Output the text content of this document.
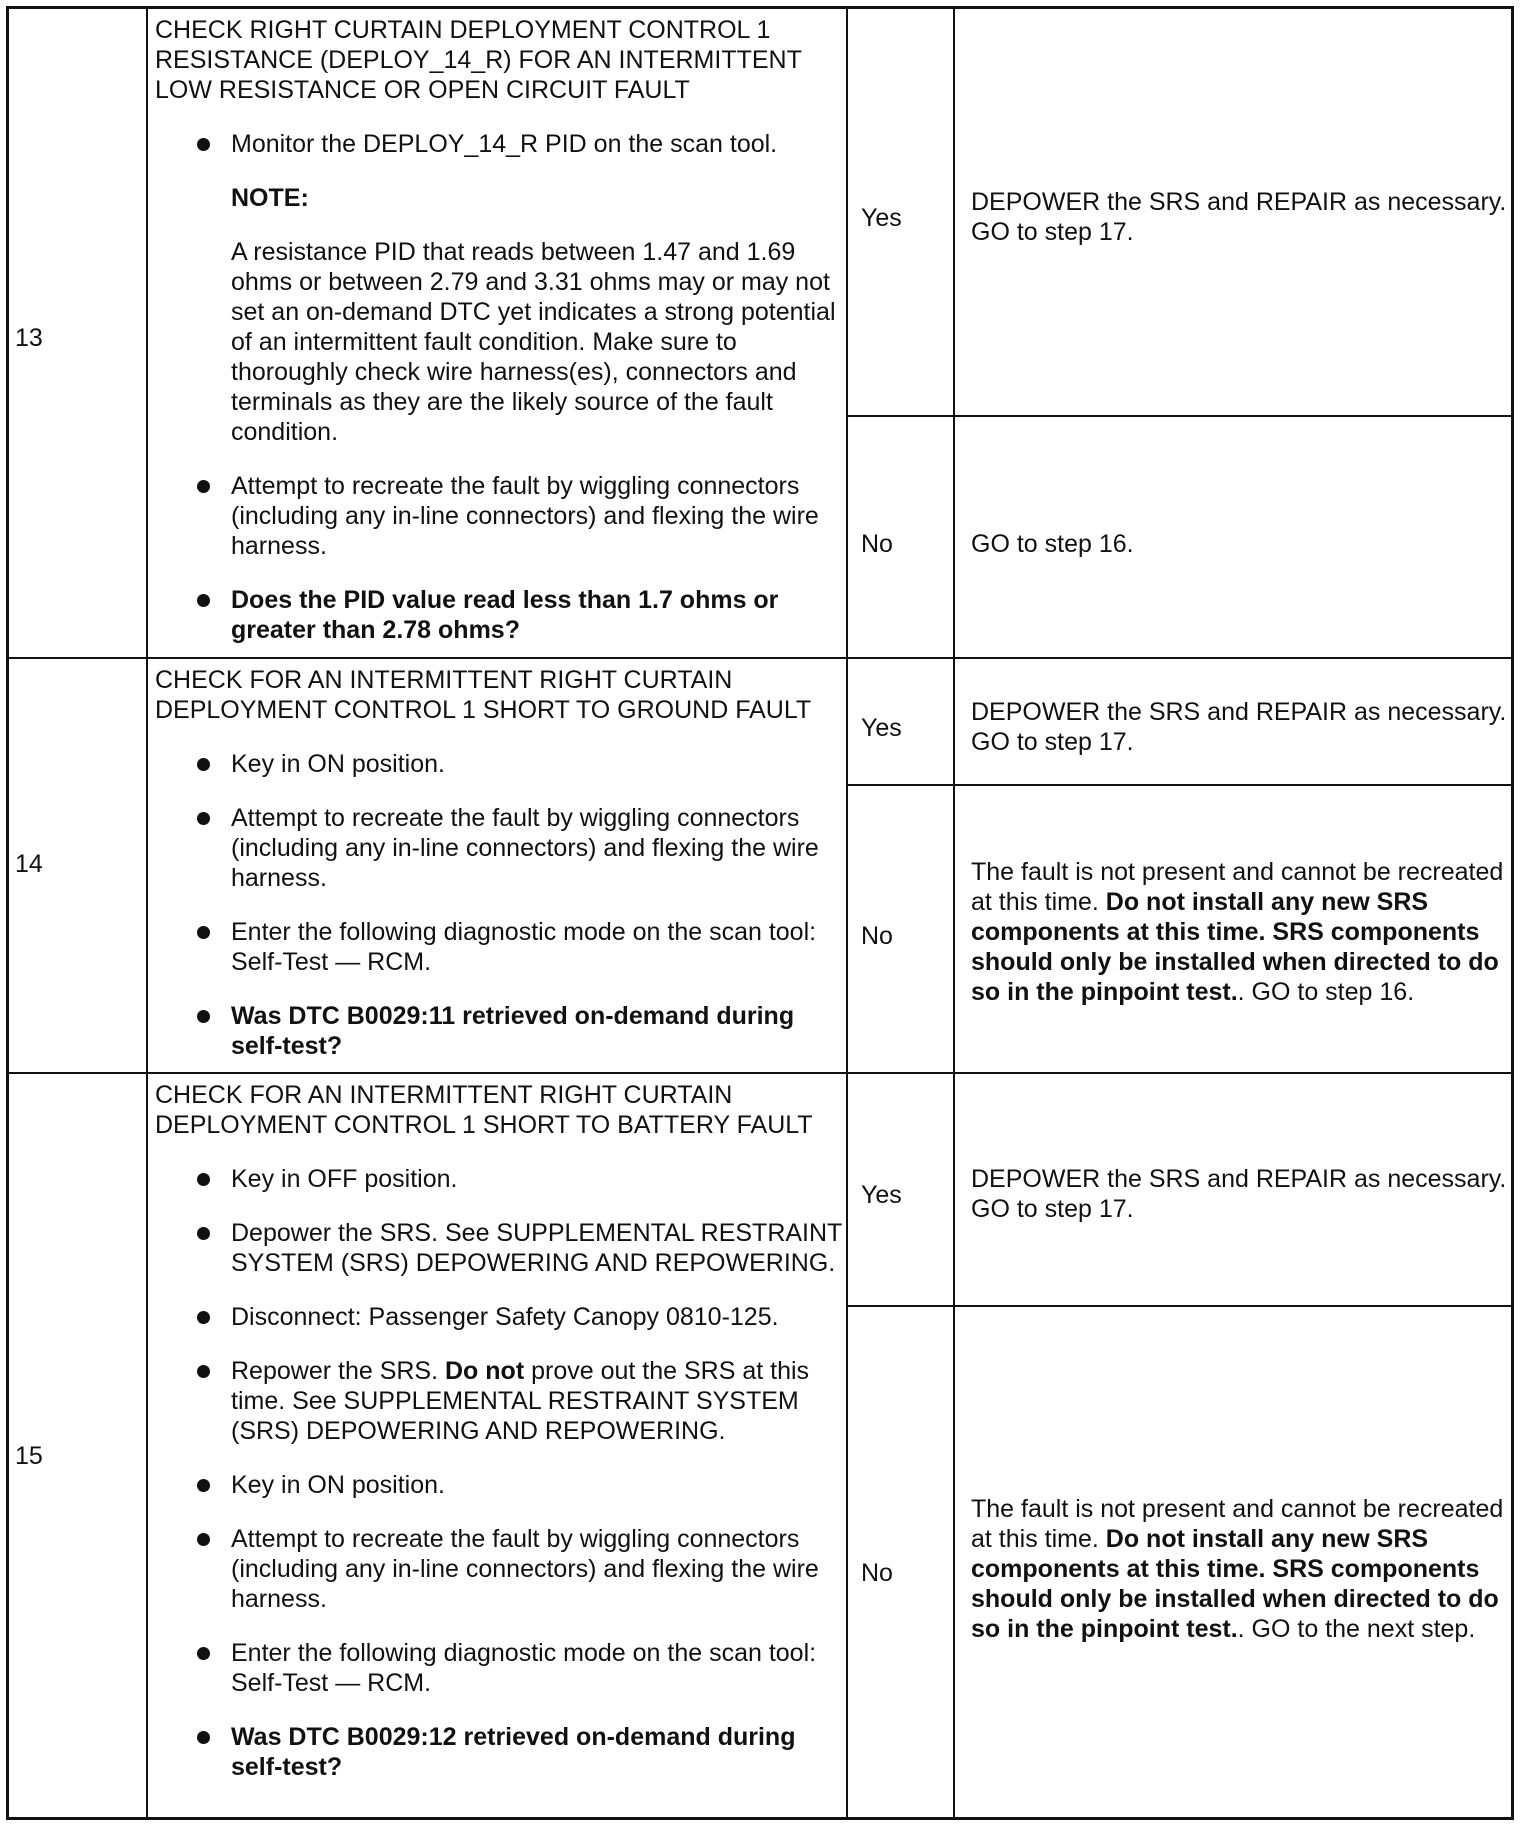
13
CHECK RIGHT CURTAIN DEPLOYMENT CONTROL 1 RESISTANCE (DEPLOY_14_R) FOR AN INTERMITTENT LOW RESISTANCE OR OPEN CIRCUIT FAULT
Monitor the DEPLOY_14_R PID on the scan tool.
NOTE:
A resistance PID that reads between 1.47 and 1.69 ohms or between 2.79 and 3.31 ohms may or may not set an on-demand DTC yet indicates a strong potential of an intermittent fault condition. Make sure to thoroughly check wire harness(es), connectors and terminals as they are the likely source of the fault condition.
Attempt to recreate the fault by wiggling connectors (including any in-line connectors) and flexing the wire harness.
Does the PID value read less than 1.7 ohms or greater than 2.78 ohms?
Yes
DEPOWER the SRS and REPAIR as necessary. GO to step 17.
No	GO to step 16.
14
CHECK FOR AN INTERMITTENT RIGHT CURTAIN DEPLOYMENT CONTROL 1 SHORT TO GROUND FAULT
Key in ON position.
Attempt to recreate the fault by wiggling connectors (including any in-line connectors) and flexing the wire harness.
Enter the following diagnostic mode on the scan tool: Self-Test — RCM.
Was DTC B0029:11 retrieved on-demand during self-test?
Yes
DEPOWER the SRS and REPAIR as necessary. GO to step 17.
No
The fault is not present and cannot be recreated at this time. Do not install any new SRS components at this time. SRS components should only be installed when directed to do so in the pinpoint test.. GO to step 16.
15
CHECK FOR AN INTERMITTENT RIGHT CURTAIN DEPLOYMENT CONTROL 1 SHORT TO BATTERY FAULT
Key in OFF position.
Depower the SRS. See SUPPLEMENTAL RESTRAINT SYSTEM (SRS) DEPOWERING AND REPOWERING.
Disconnect: Passenger Safety Canopy 0810-125.
Repower the SRS. Do not prove out the SRS at this time. See SUPPLEMENTAL RESTRAINT SYSTEM (SRS) DEPOWERING AND REPOWERING.
Key in ON position.
Attempt to recreate the fault by wiggling connectors (including any in-line connectors) and flexing the wire harness.
Enter the following diagnostic mode on the scan tool: Self-Test — RCM.
Was DTC B0029:12 retrieved on-demand during self-test?
Yes
DEPOWER the SRS and REPAIR as necessary. GO to step 17.
No
The fault is not present and cannot be recreated at this time. Do not install any new SRS components at this time. SRS components should only be installed when directed to do so in the pinpoint test.. GO to the next step.
